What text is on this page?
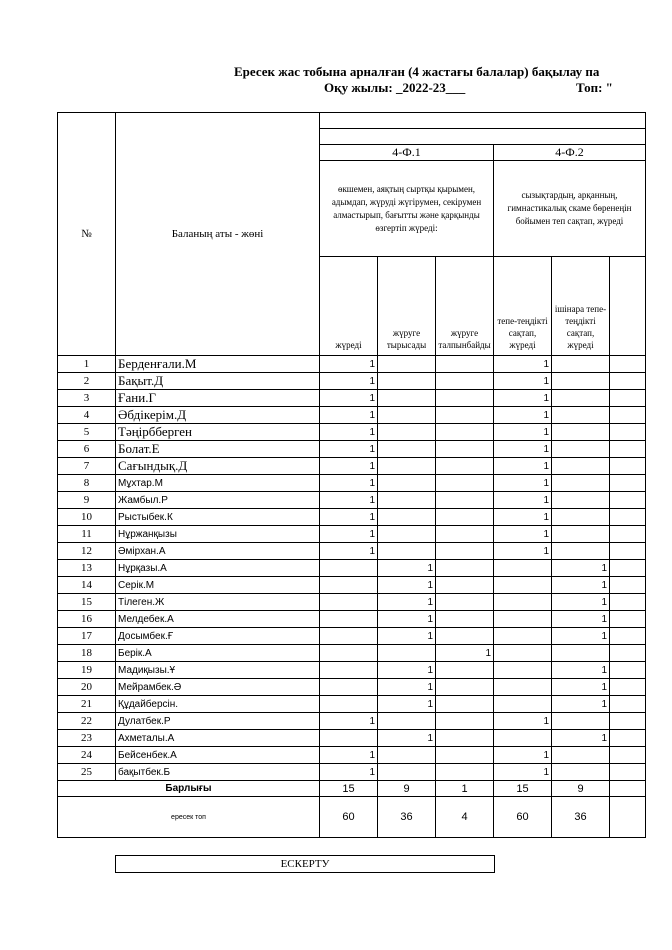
Ересек жас тобына арналған (4 жастағы балалар) бақылау па
Оқу жылы: _2022-23___	Топ: "
№	Баланың аты - жөні						

		4-Ф.1			4-Ф.2		
		өкшемен, аяқтың сыртқы қырымен, адымдап, жүруді жүгірумен, секірумен алмастырып, бағытты және қарқынды өзгертіп жүреді:			сызықтардың, арқанның, гимнастикалық скаме бөренеңін бойымен теп сақтап, жүреді		
		жүреді	жүруге тырысады	жүруге талпынбайды	тепе-теңдікті сақтап, жүреді	ішінара тепе-теңдікті сақтап, жүреді	

1	Берденғали.М	1			1		
2	Бақыт.Д	1			1		
3	Ғани.Г	1			1		
4	Әбдікерім.Д	1			1		
5	Тәңірбберген	1			1		
6	Болат.Е	1			1		
7	Сағындық.Д	1			1		
8	Мұхтар.М	1			1		
9	Жамбыл.Р	1			1		
10	Рыстыбек.К	1			1		
11	Нұржанқызы	1			1		
12	Әмірхан.А	1			1		
13	Нұрқазы.А		1			1	
14	Серік.М		1			1	
15	Тілеген.Ж		1			1	
16	Мелдебек.А		1			1	
17	Досымбек.Ғ		1			1	
18	Берік.А			1			
19	Мадиқызы.Ұ		1			1	
20	Мейрамбек.Ә		1			1	
21	Құдайберсін.		1			1	
22	Дулатбек.Р	1			1		
23	Ахметалы.А		1			1	
24	Бейсенбек.А	1			1		
25	бақытбек.Б	1			1		
Барлығы		15	9	1	15	9	
ересек топ		60	36	4	60	36	
ЕСКЕРТУ
